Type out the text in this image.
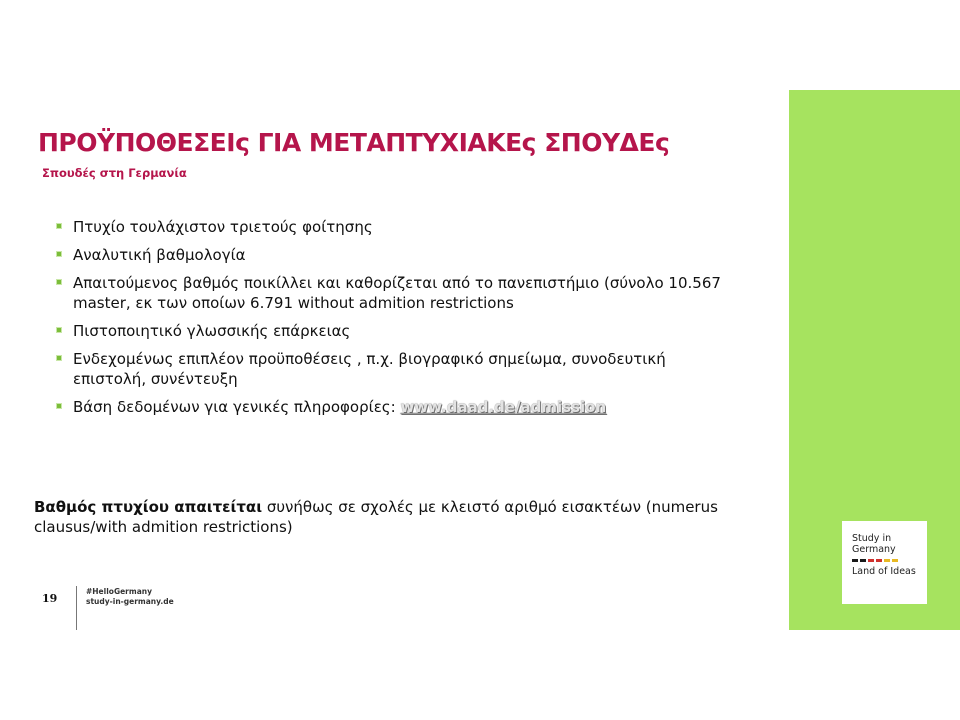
Study in
Germany
Land of Ideas
ΠΡΟΫΠΟΘΕΣΕΙς ΓΙΑ ΜΕΤΑΠΤΥΧΙΑΚΕς ΣΠΟΥΔΕς
Σπουδές στη Γερμανία
Πτυχίο τουλάχιστον τριετούς φοίτησης
Αναλυτική βαθμολογία
Απαιτούμενος βαθμός ποικίλλει και καθορίζεται από το πανεπιστήμιο (σύνολο 10.567 master, εκ των οποίων 6.791 without admition restrictions
Πιστοποιητικό γλωσσικής επάρκειας
Ενδεχομένως επιπλέον προϋποθέσεις , π.χ. βιογραφικό σημείωμα, συνοδευτική επιστολή, συνέντευξη
Βάση δεδομένων για γενικές πληροφορίες: www.daad.de/admission

Βαθμός πτυχίου απαιτείται συνήθως σε σχολές με κλειστό αριθμό εισακτέων (numerus clausus/with admition restrictions)

19
#HelloGermany
study-in-germany.de
